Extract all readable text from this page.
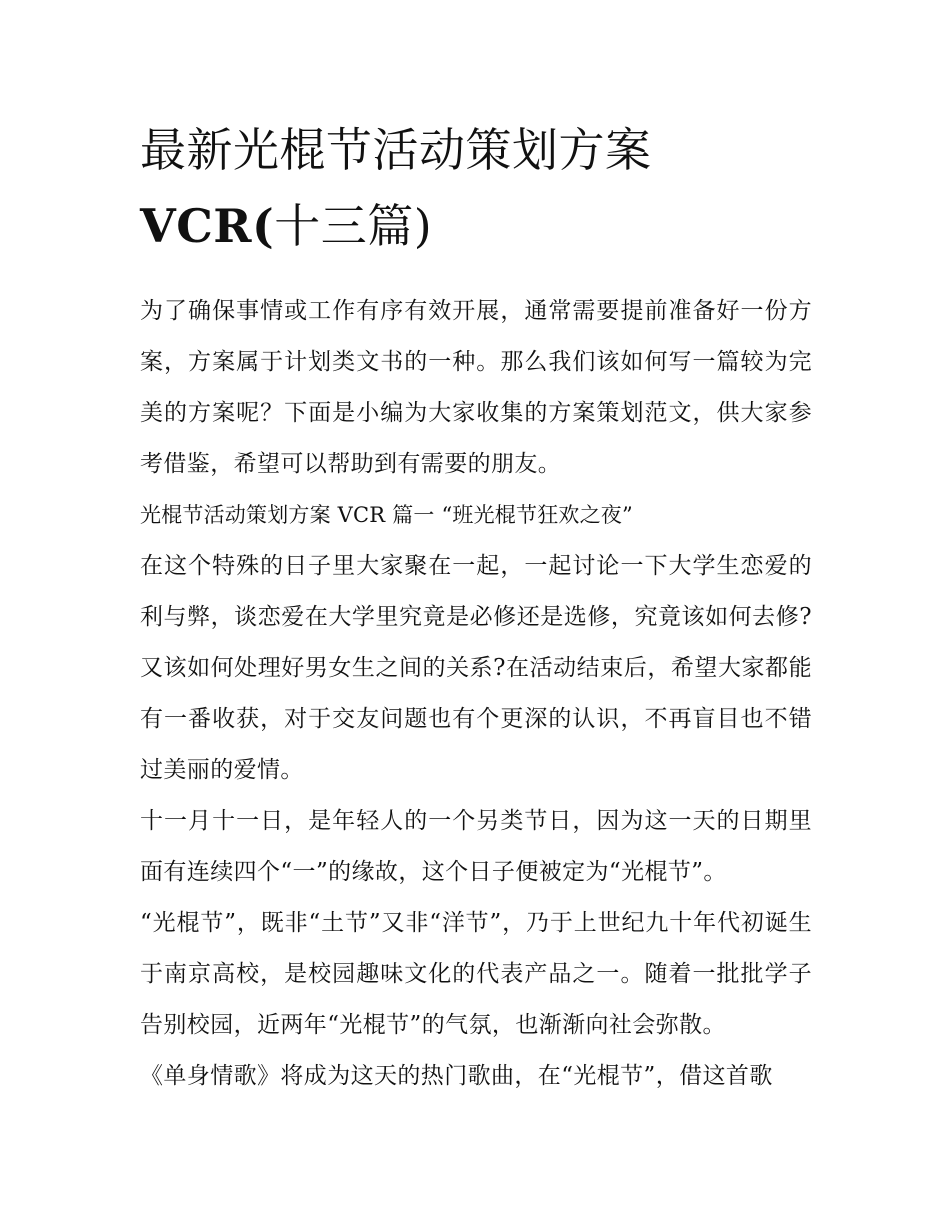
最新光棍节活动策划方案
VCR(十三篇)

为了确保事情或工作有序有效开展，通常需要提前准备好一份方案，方案属于计划类文书的一种。那么我们该如何写一篇较为完美的方案呢？下面是小编为大家收集的方案策划范文，供大家参考借鉴，希望可以帮助到有需要的朋友。

光棍节活动策划方案 VCR 篇一 “班光棍节狂欢之夜”

在这个特殊的日子里大家聚在一起，一起讨论一下大学生恋爱的利与弊，谈恋爱在大学里究竟是必修还是选修，究竟该如何去修?又该如何处理好男女生之间的关系?在活动结束后，希望大家都能有一番收获，对于交友问题也有个更深的认识，不再盲目也不错过美丽的爱情。

十一月十一日，是年轻人的一个另类节日，因为这一天的日期里面有连续四个“一”的缘故，这个日子便被定为“光棍节”。

“光棍节”，既非“土节”又非“洋节”，乃于上世纪九十年代初诞生于南京高校，是校园趣味文化的代表产品之一。随着一批批学子告别校园，近两年“光棍节”的气氛，也渐渐向社会弥散。

《单身情歌》将成为这天的热门歌曲，在“光棍节”，借这首歌
